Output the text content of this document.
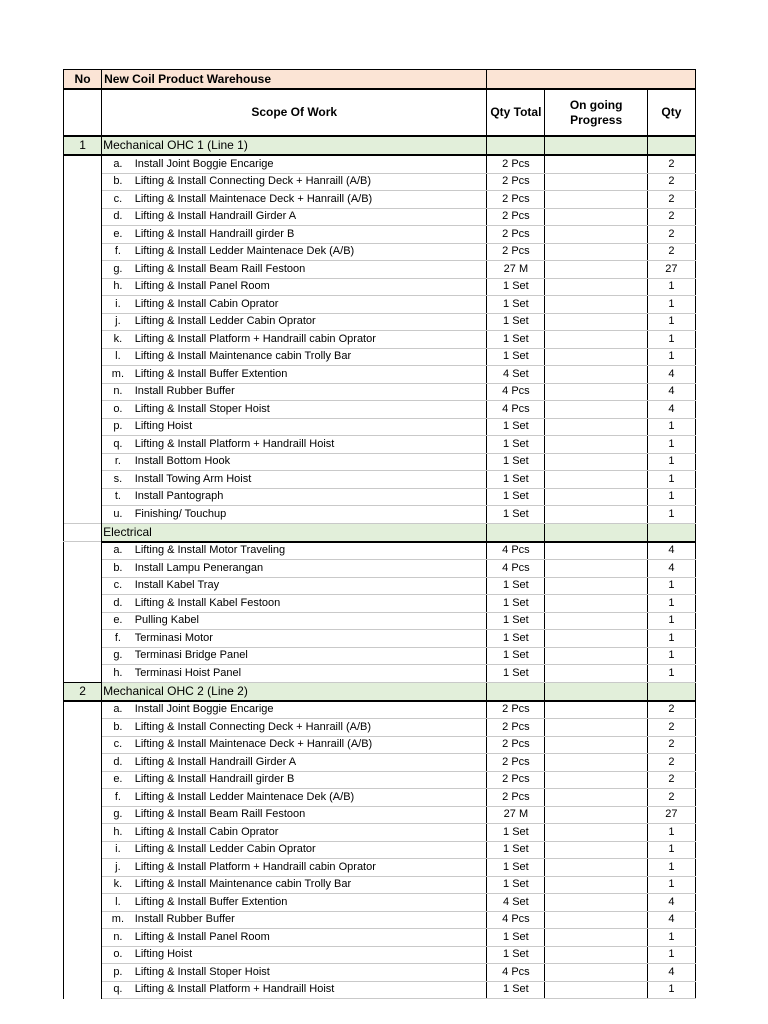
No	New Coil Product Warehouse				
	Scope Of Work		Qty Total	On going Progress	Qty
1	Mechanical OHC 1 (Line 1)				
	a.	Install Joint Boggie Encarige	2 Pcs		2
	b.	Lifting & Install Connecting Deck + Hanraill (A/B)	2 Pcs		2
	c.	Lifting & Install Maintenace Deck + Hanraill (A/B)	2 Pcs		2
	d.	Lifting & Install Handraill Girder A	2 Pcs		2
	e.	Lifting & Install Handraill girder B	2 Pcs		2
	f.	Lifting & Install Ledder Maintenace Dek (A/B)	2 Pcs		2
	g.	Lifting & Install Beam Raill Festoon	27 M		27
	h.	Lifting & Install Panel Room	1 Set		1
	i.	Lifting & Install Cabin Oprator	1 Set		1
	j.	Lifting & Install Ledder Cabin Oprator	1 Set		1
	k.	Lifting & Install Platform + Handraill cabin Oprator	1 Set		1
	l.	Lifting & Install Maintenance cabin Trolly Bar	1 Set		1
	m.	Lifting & Install Buffer Extention	4 Set		4
	n.	Install Rubber Buffer	4 Pcs		4
	o.	Lifting & Install Stoper Hoist	4 Pcs		4
	p.	Lifting Hoist	1 Set		1
	q.	Lifting & Install Platform + Handraill Hoist	1 Set		1
	r.	Install Bottom Hook	1 Set		1
	s.	Install Towing Arm Hoist	1 Set		1
	t.	Install Pantograph	1 Set		1
	u.	Finishing/ Touchup	1 Set		1
	Electrical				
	a.	Lifting & Install Motor Traveling	4 Pcs		4
	b.	Install Lampu Penerangan	4 Pcs		4
	c.	Install Kabel Tray	1 Set		1
	d.	Lifting & Install Kabel Festoon	1 Set		1
	e.	Pulling Kabel	1 Set		1
	f.	Terminasi Motor	1 Set		1
	g.	Terminasi Bridge Panel	1 Set		1
	h.	Terminasi Hoist Panel	1 Set		1
2	Mechanical OHC 2 (Line 2)				
	a.	Install Joint Boggie Encarige	2 Pcs		2
	b.	Lifting & Install Connecting Deck + Hanraill (A/B)	2 Pcs		2
	c.	Lifting & Install Maintenace Deck + Hanraill (A/B)	2 Pcs		2
	d.	Lifting & Install Handraill Girder A	2 Pcs		2
	e.	Lifting & Install Handraill girder B	2 Pcs		2
	f.	Lifting & Install Ledder Maintenace Dek (A/B)	2 Pcs		2
	g.	Lifting & Install Beam Raill Festoon	27 M		27
	h.	Lifting & Install Cabin Oprator	1 Set		1
	i.	Lifting & Install Ledder Cabin Oprator	1 Set		1
	j.	Lifting & Install Platform + Handraill cabin Oprator	1 Set		1
	k.	Lifting & Install Maintenance cabin Trolly Bar	1 Set		1
	l.	Lifting & Install Buffer Extention	4 Set		4
	m.	Install Rubber Buffer	4 Pcs		4
	n.	Lifting & Install Panel Room	1 Set		1
	o.	Lifting Hoist	1 Set		1
	p.	Lifting & Install Stoper Hoist	4 Pcs		4
	q.	Lifting & Install Platform + Handraill Hoist	1 Set		1
